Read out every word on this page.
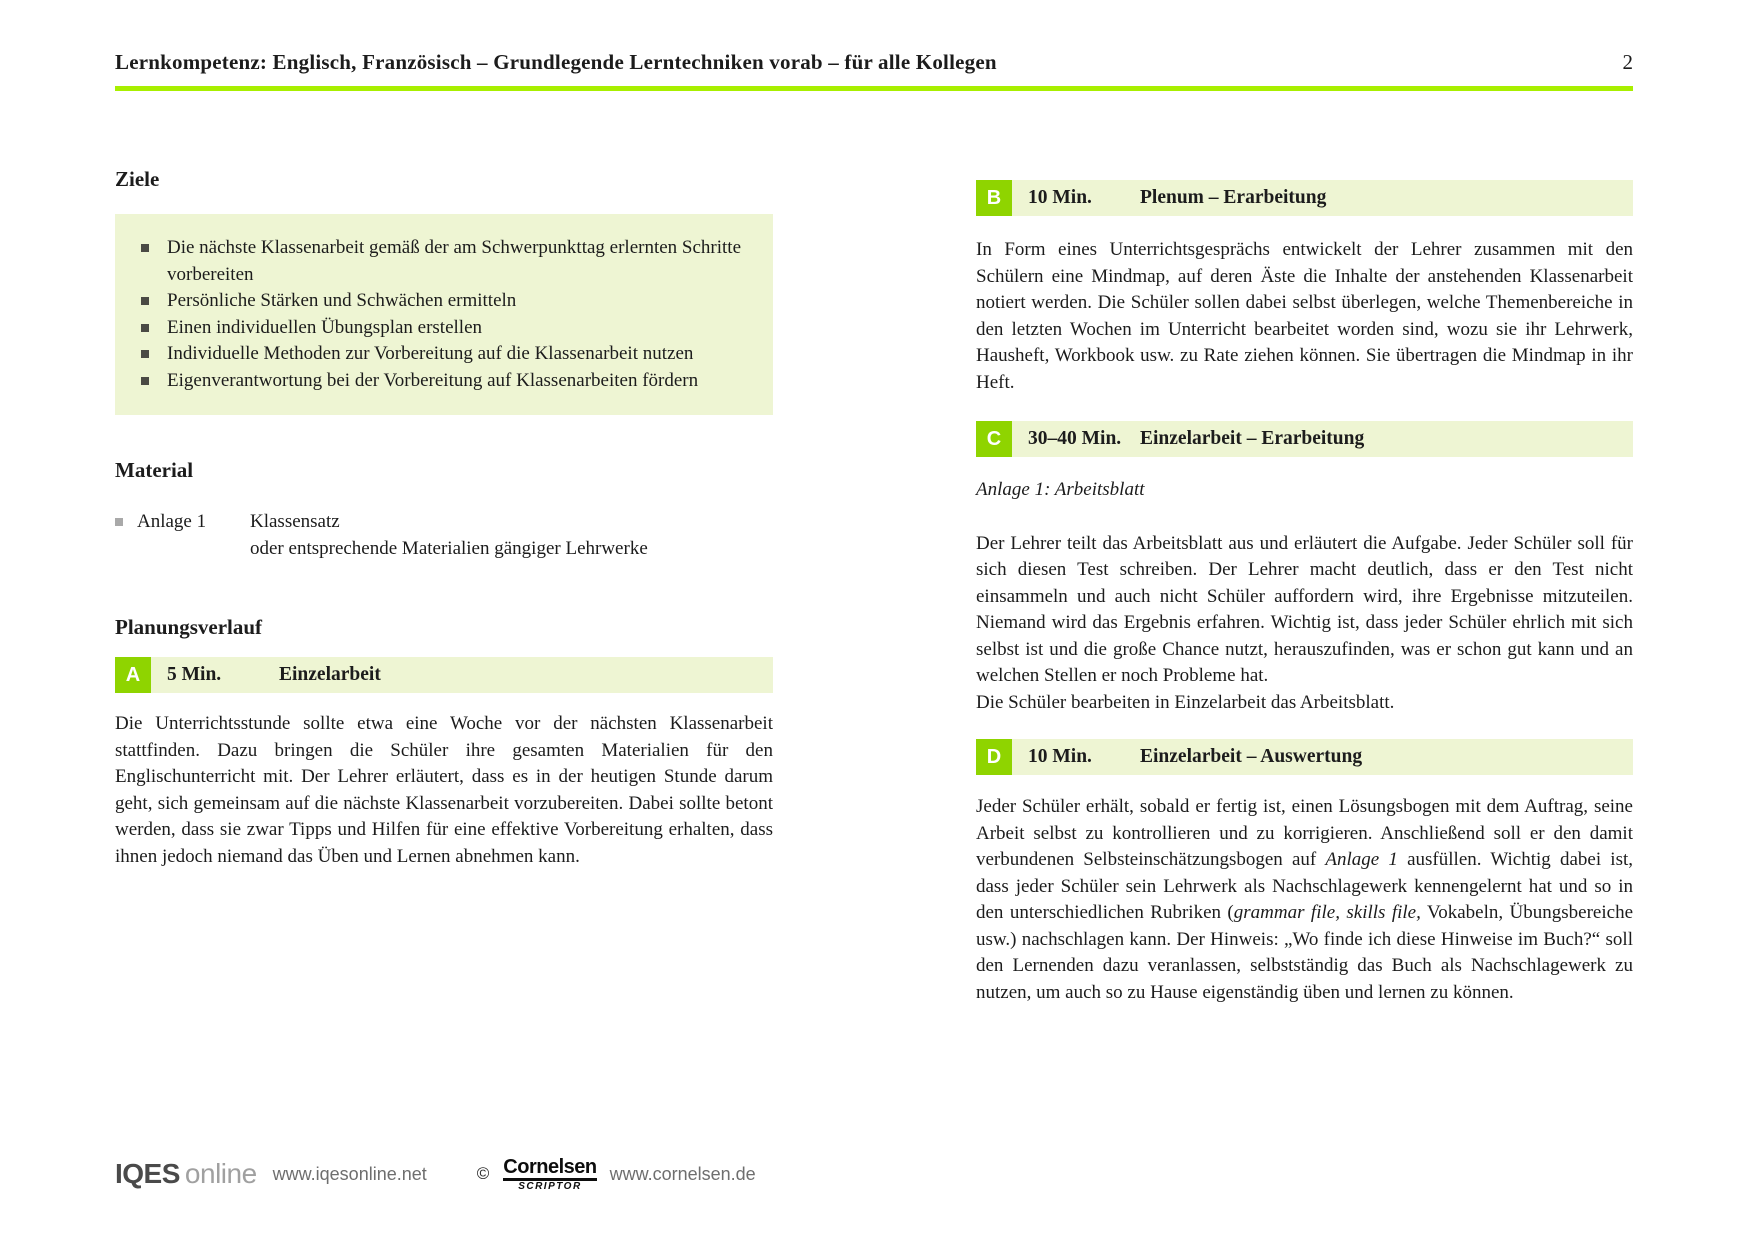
Lernkompetenz: Englisch, Französisch – Grundlegende Lerntechniken vorab – für alle Kollegen	2
Ziele
Die nächste Klassenarbeit gemäß der am Schwerpunkttag erlernten Schritte vorbereiten
Persönliche Stärken und Schwächen ermitteln
Einen individuellen Übungsplan erstellen
Individuelle Methoden zur Vorbereitung auf die Klassenarbeit nutzen
Eigenverantwortung bei der Vorbereitung auf Klassenarbeiten fördern
Material
Anlage 1	Klassensatz
oder entsprechende Materialien gängiger Lehrwerke
Planungsverlauf
A	5 Min.	Einzelarbeit
Die Unterrichtsstunde sollte etwa eine Woche vor der nächsten Klassenarbeit stattfinden. Dazu bringen die Schüler ihre gesamten Materialien für den Englischunterricht mit. Der Lehrer erläutert, dass es in der heutigen Stunde darum geht, sich gemeinsam auf die nächste Klassenarbeit vorzubereiten. Dabei sollte betont werden, dass sie zwar Tipps und Hilfen für eine effektive Vorbereitung erhalten, dass ihnen jedoch niemand das Üben und Lernen abnehmen kann.
B	10 Min.	Plenum – Erarbeitung
In Form eines Unterrichtsgesprächs entwickelt der Lehrer zusammen mit den Schülern eine Mindmap, auf deren Äste die Inhalte der anstehenden Klassenarbeit notiert werden. Die Schüler sollen dabei selbst überlegen, welche Themenbereiche in den letzten Wochen im Unterricht bearbeitet worden sind, wozu sie ihr Lehrwerk, Hausheft, Workbook usw. zu Rate ziehen können. Sie übertragen die Mindmap in ihr Heft.
C	30–40 Min. Einzelarbeit – Erarbeitung
Anlage 1: Arbeitsblatt
Der Lehrer teilt das Arbeitsblatt aus und erläutert die Aufgabe. Jeder Schüler soll für sich diesen Test schreiben. Der Lehrer macht deutlich, dass er den Test nicht einsammeln und auch nicht Schüler auffordern wird, ihre Ergebnisse mitzuteilen. Niemand wird das Ergebnis erfahren. Wichtig ist, dass jeder Schüler ehrlich mit sich selbst ist und die große Chance nutzt, herauszufinden, was er schon gut kann und an welchen Stellen er noch Probleme hat.
Die Schüler bearbeiten in Einzelarbeit das Arbeitsblatt.
D	10 Min.	Einzelarbeit – Auswertung
Jeder Schüler erhält, sobald er fertig ist, einen Lösungsbogen mit dem Auftrag, seine Arbeit selbst zu kontrollieren und zu korrigieren. Anschließend soll er den damit verbundenen Selbsteinschätzungsbogen auf Anlage 1 ausfüllen. Wichtig dabei ist, dass jeder Schüler sein Lehrwerk als Nachschlagewerk kennengelernt hat und so in den unterschiedlichen Rubriken (grammar file, skills file, Vokabeln, Übungsbereiche usw.) nachschlagen kann. Der Hinweis: „Wo finde ich diese Hinweise im Buch?“ soll den Lernenden dazu veranlassen, selbstständig das Buch als Nachschlagewerk zu nutzen, um auch so zu Hause eigenständig üben und lernen zu können.
IQES online www.iqesonline.net	© Cornelsen
SCRIPTOR
www.cornelsen.de
